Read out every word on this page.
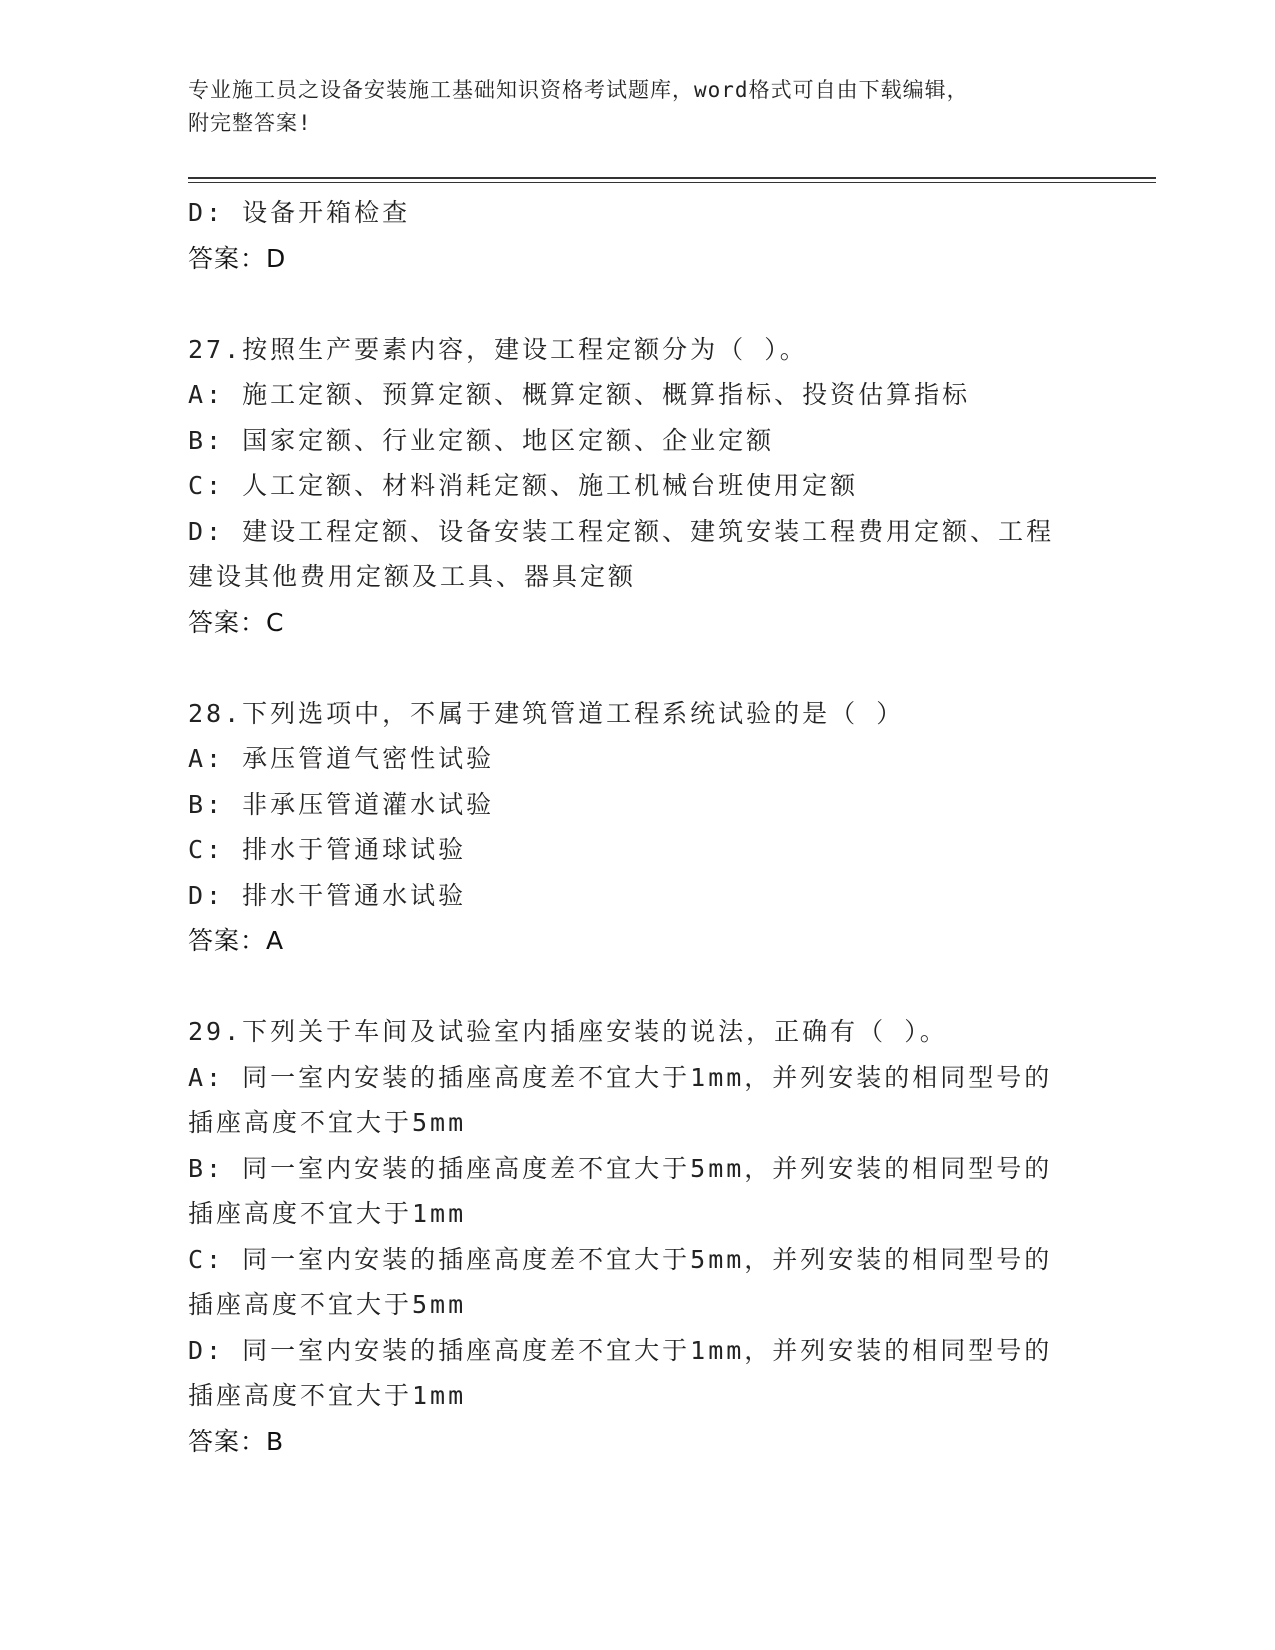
专业施工员之设备安装施工基础知识资格考试题库，word格式可自由下载编辑，
附完整答案!
D: 设备开箱检查
答案：D
27.按照生产要素内容，建设工程定额分为（ ）。
A: 施工定额、预算定额、概算定额、概算指标、投资估算指标
B: 国家定额、行业定额、地区定额、企业定额
C: 人工定额、材料消耗定额、施工机械台班使用定额
D: 建设工程定额、设备安装工程定额、建筑安装工程费用定额、工程
建设其他费用定额及工具、器具定额
答案：C
28.下列选项中，不属于建筑管道工程系统试验的是（ ）
A: 承压管道气密性试验
B: 非承压管道灌水试验
C: 排水于管通球试验
D: 排水干管通水试验
答案：A
29.下列关于车间及试验室内插座安装的说法，正确有（ ）。
A: 同一室内安装的插座高度差不宜大于1mm，并列安装的相同型号的
插座高度不宜大于5mm
B: 同一室内安装的插座高度差不宜大于5mm，并列安装的相同型号的
插座高度不宜大于1mm
C: 同一室内安装的插座高度差不宜大于5mm，并列安装的相同型号的
插座高度不宜大于5mm
D: 同一室内安装的插座高度差不宜大于1mm，并列安装的相同型号的
插座高度不宜大于1mm
答案：B
